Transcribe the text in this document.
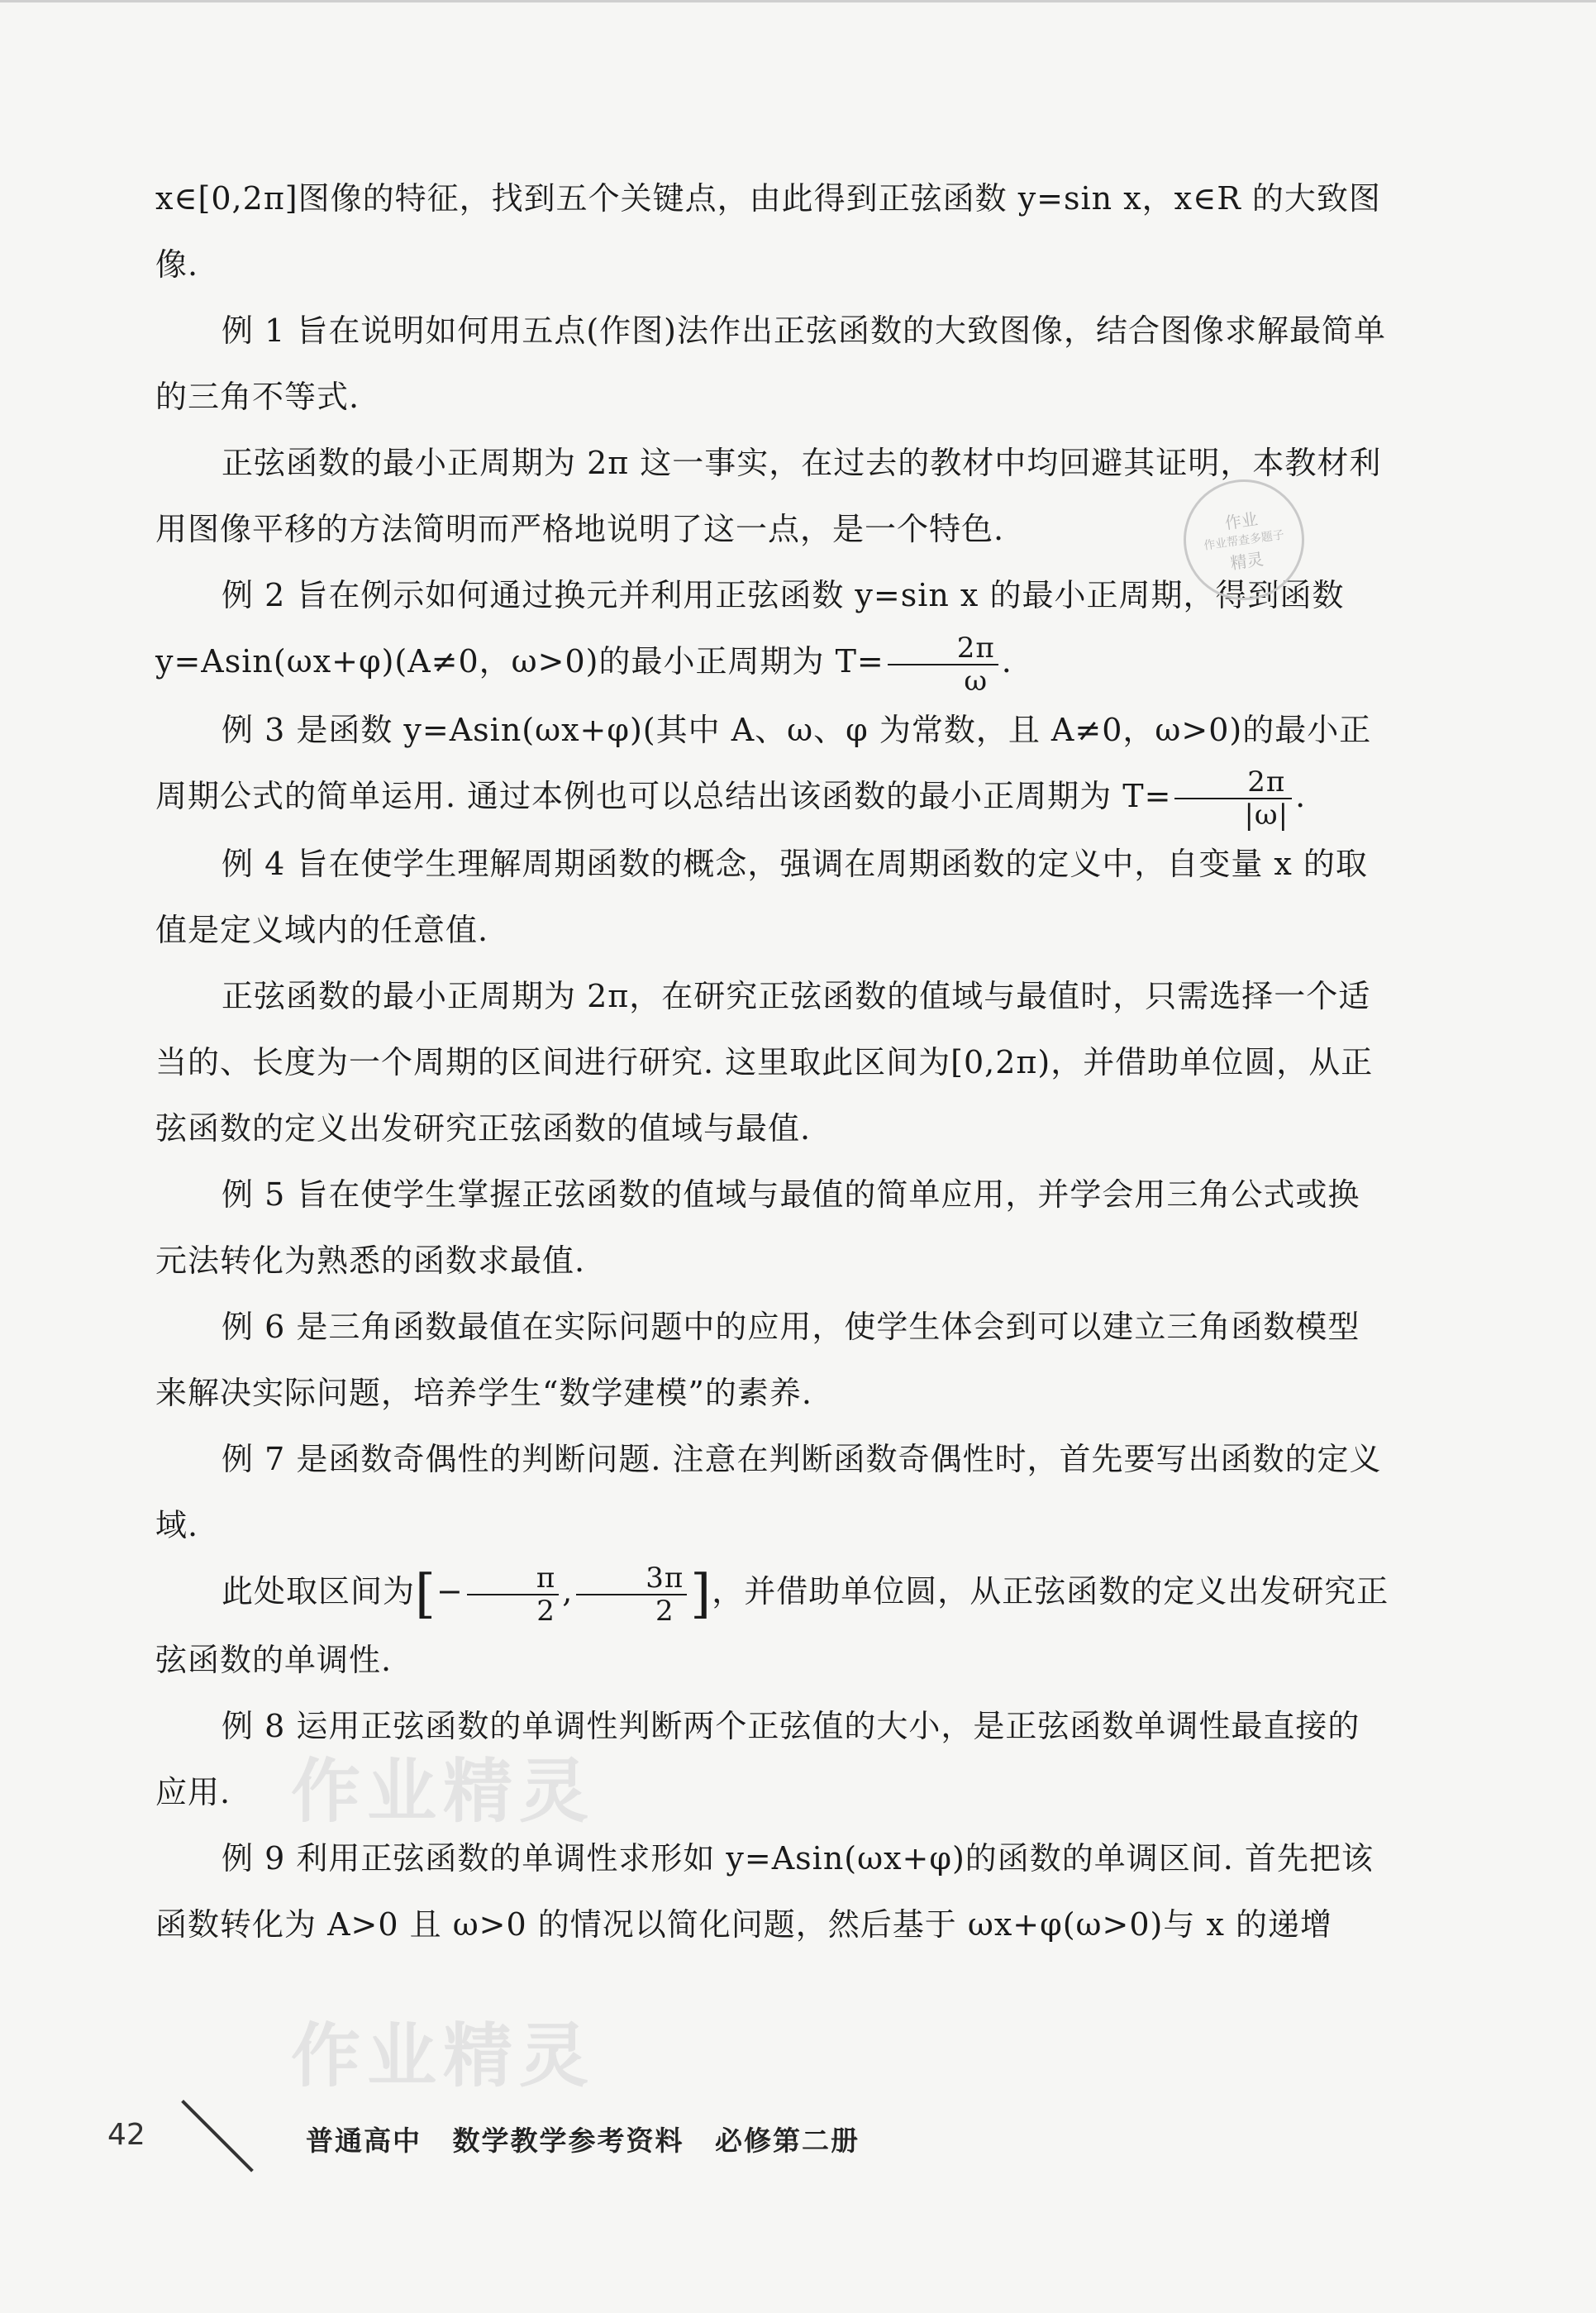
x∈[0,2π]图像的特征，找到五个关键点，由此得到正弦函数 y=sin x，x∈R 的大致图像.

例 1 旨在说明如何用五点(作图)法作出正弦函数的大致图像，结合图像求解最简单的三角不等式.

正弦函数的最小正周期为 2π 这一事实，在过去的教材中均回避其证明，本教材利用图像平移的方法简明而严格地说明了这一点，是一个特色.

例 2 旨在例示如何通过换元并利用正弦函数 y=sin x 的最小正周期，得到函数 y=Asin(ωx+φ)(A≠0，ω>0)的最小正周期为 $T= \frac{2\pi}{\omega}$ .

例 3 是函数 y=Asin(ωx+φ)(其中 A、ω、φ 为常数，且 A≠0，ω>0)的最小正周期公式的简单运用. 通过本例也可以总结出该函数的最小正周期为 $T= \frac{2\pi}{|\omega|}$ .

例 4 旨在使学生理解周期函数的概念，强调在周期函数的定义中，自变量 x 的取值是定义域内的任意值.

正弦函数的最小正周期为 2π，在研究正弦函数的值域与最值时，只需选择一个适当的、长度为一个周期的区间进行研究. 这里取此区间为[0,2π)，并借助单位圆，从正弦函数的定义出发研究正弦函数的值域与最值.

例 5 旨在使学生掌握正弦函数的值域与最值的简单应用，并学会用三角公式或换元法转化为熟悉的函数求最值.

例 6 是三角函数最值在实际问题中的应用，使学生体会到可以建立三角函数模型来解决实际问题，培养学生“数学建模”的素养.

例 7 是函数奇偶性的判断问题. 注意在判断函数奇偶性时，首先要写出函数的定义域.

此处取区间为[− $\frac{\pi}{2}$ , $\frac{3\pi}{2}$ ]，并借助单位圆，从正弦函数的定义出发研究正弦函数的单调性.

例 8 运用正弦函数的单调性判断两个正弦值的大小，是正弦函数单调性最直接的应用.

例 9 利用正弦函数的单调性求形如 y=Asin(ωx+φ)的函数的单调区间. 首先把该函数转化为 A>0 且 ω>0 的情况以简化问题，然后基于 ωx+φ(ω>0)与 x 的递增

作业
作业帮查多题子
精灵
作业精灵
作业精灵
42	普通高中 数学教学参考资料 必修第二册
